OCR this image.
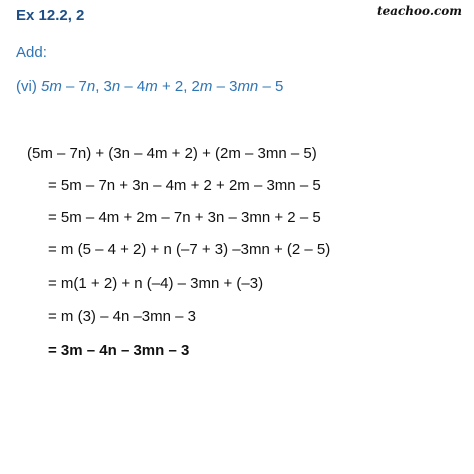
Ex 12.2, 2	teachoo.com
Add:
(vi) 5m – 7n, 3n – 4m + 2, 2m – 3mn – 5
(5m – 7n) + (3n – 4m + 2) + (2m – 3mn – 5)
= 5m – 7n + 3n – 4m + 2 + 2m – 3mn – 5
= 5m – 4m + 2m – 7n + 3n – 3mn + 2 – 5
= m (5 – 4 + 2) + n (–7 + 3) –3mn + (2 – 5)
= m(1 + 2) + n (–4) – 3mn + (–3)
= m (3) – 4n –3mn – 3
= 3m – 4n – 3mn – 3
